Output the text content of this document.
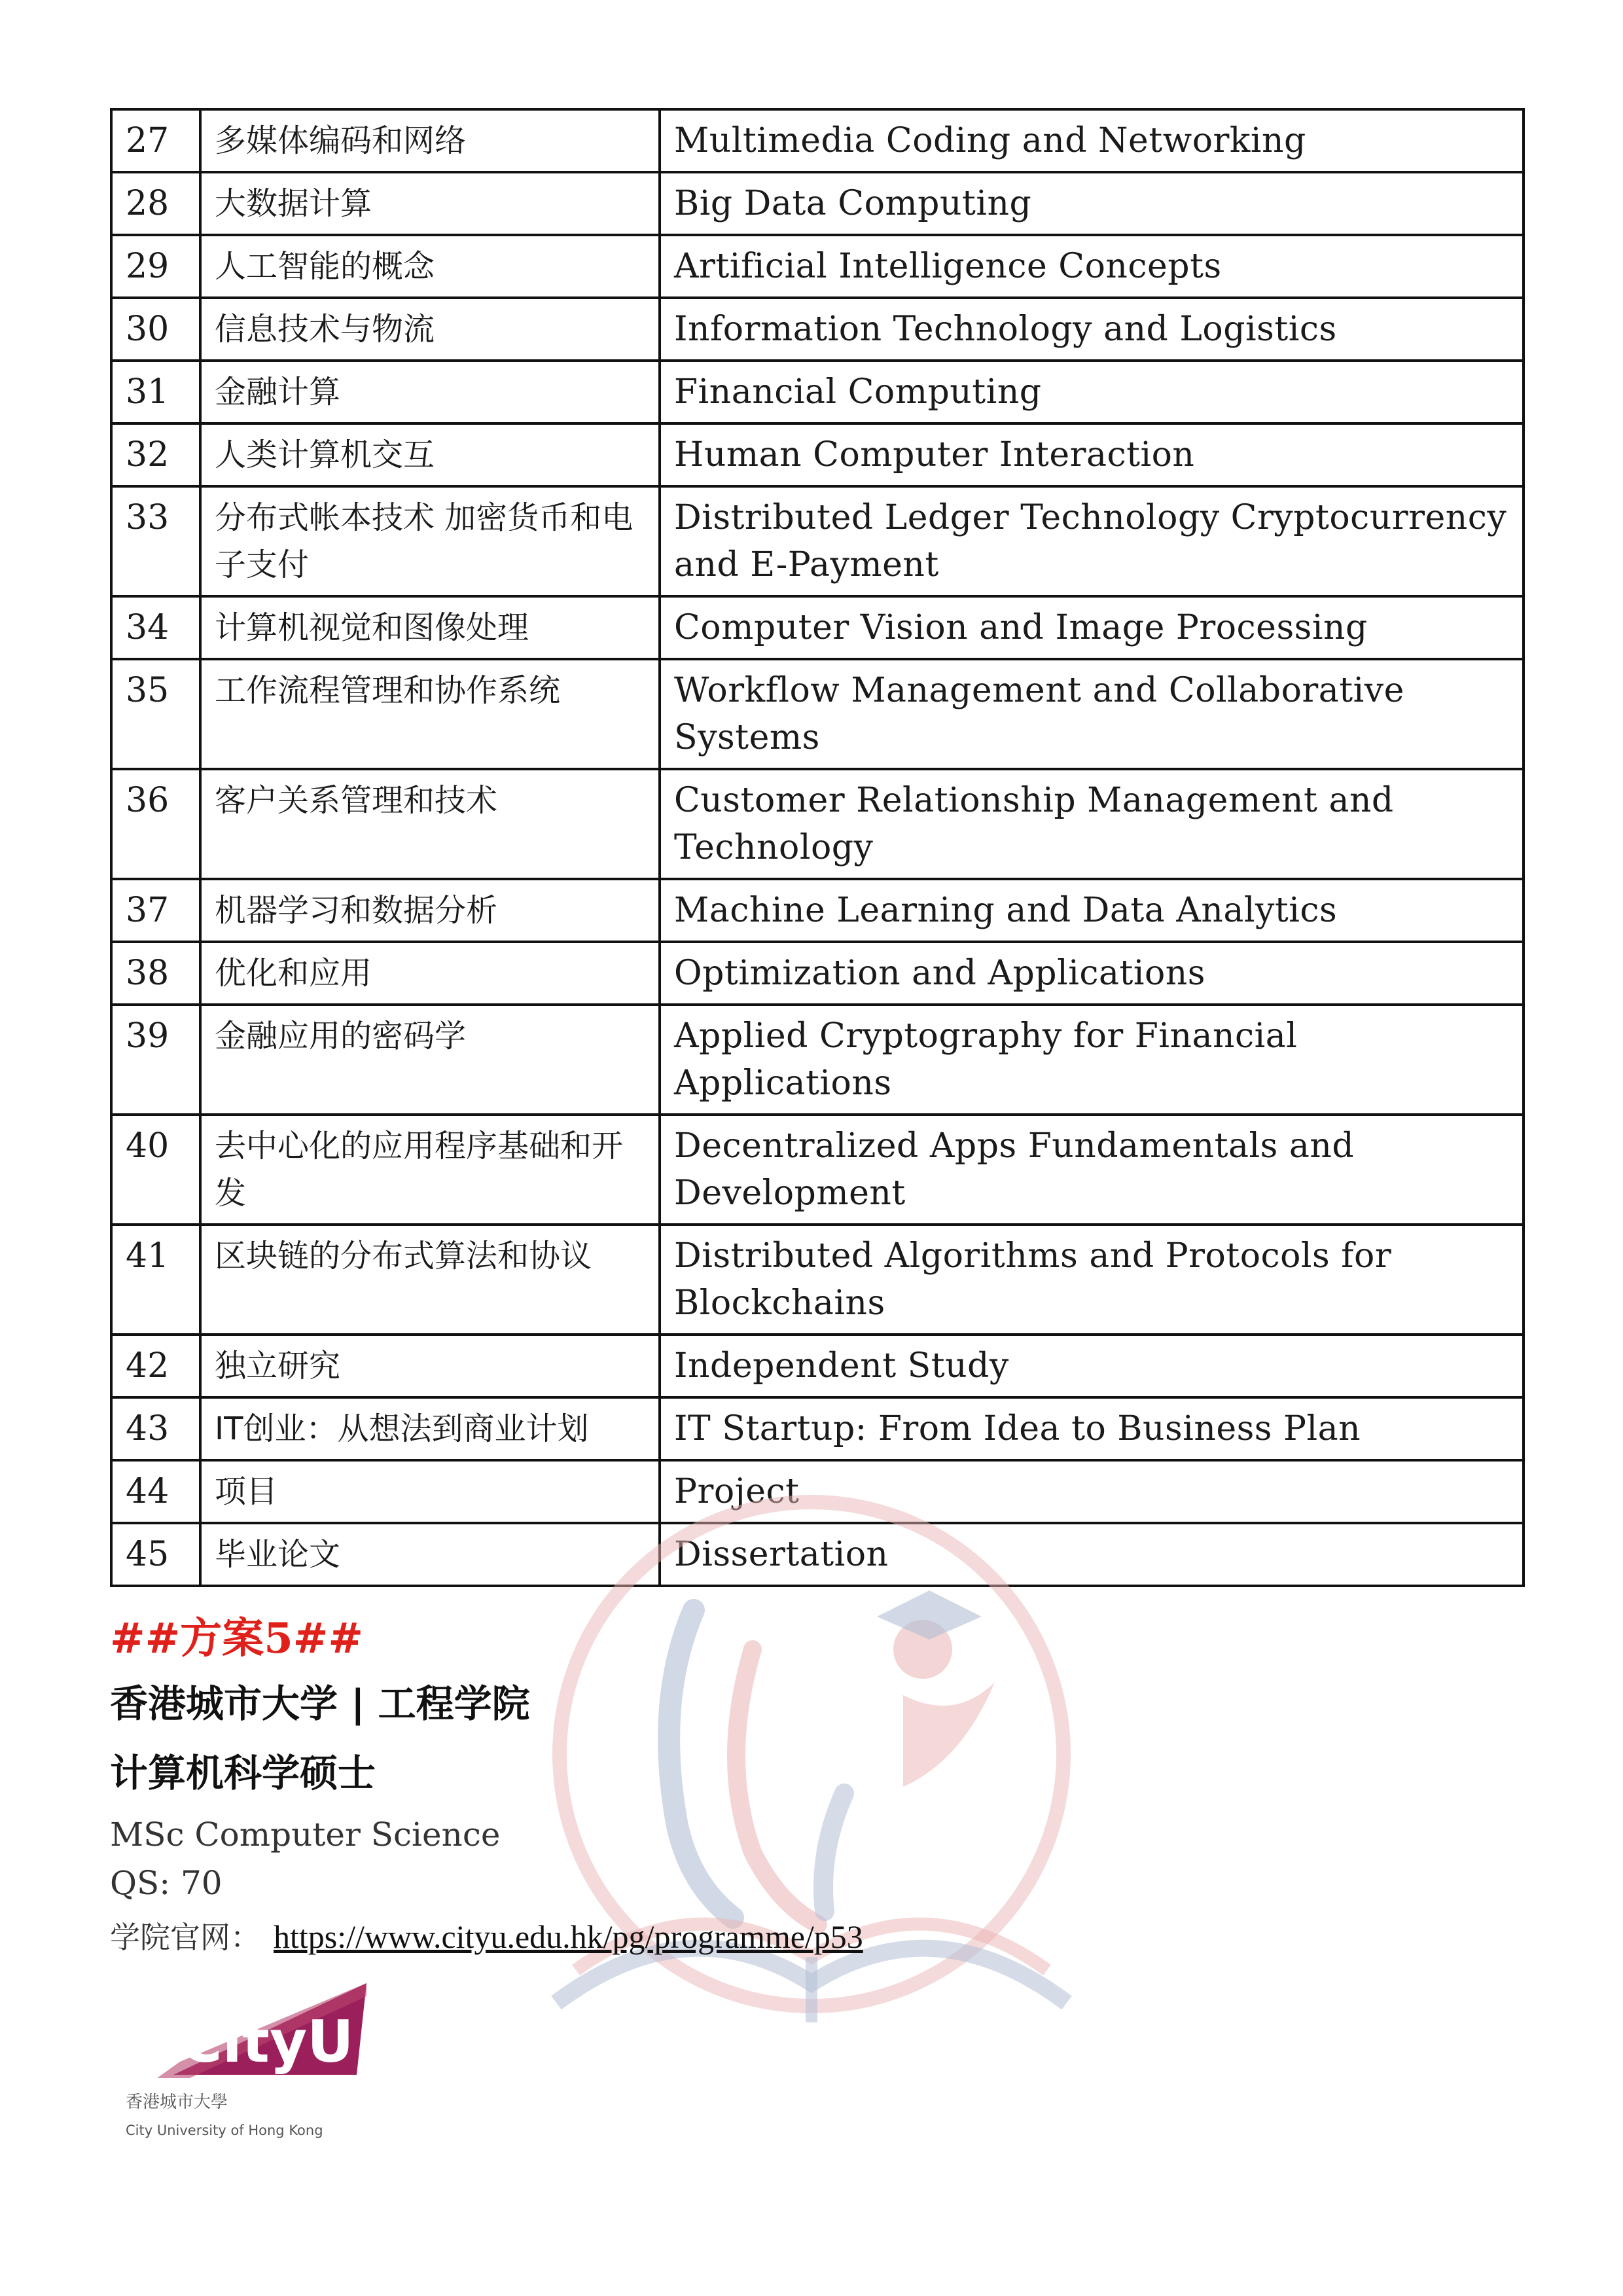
27	多媒体编码和网络	Multimedia Coding and Networking
28	大数据计算	Big Data Computing
29	人工智能的概念	Artificial Intelligence Concepts
30	信息技术与物流	Information Technology and Logistics
31	金融计算	Financial Computing
32	人类计算机交互	Human Computer Interaction
33	分布式帐本技术 加密货币和电子支付	Distributed Ledger Technology Cryptocurrency and E-Payment
34	计算机视觉和图像处理	Computer Vision and Image Processing
35	工作流程管理和协作系统	Workflow Management and Collaborative Systems
36	客户关系管理和技术	Customer Relationship Management and Technology
37	机器学习和数据分析	Machine Learning and Data Analytics
38	优化和应用	Optimization and Applications
39	金融应用的密码学	Applied Cryptography for Financial Applications
40	去中心化的应用程序基础和开发	Decentralized Apps Fundamentals and Development
41	区块链的分布式算法和协议	Distributed Algorithms and Protocols for Blockchains
42	独立研究	Independent Study
43	IT创业：从想法到商业计划	IT Startup: From Idea to Business Plan
44	项目	Project
45	毕业论文	Dissertation

##方案5##

香港城市大学 | 工程学院

计算机科学硕士

MSc Computer Science

QS: 70

学院官网： https://www.cityu.edu.hk/pg/programme/p53

CityU
香港城市大學
City University of Hong Kong
